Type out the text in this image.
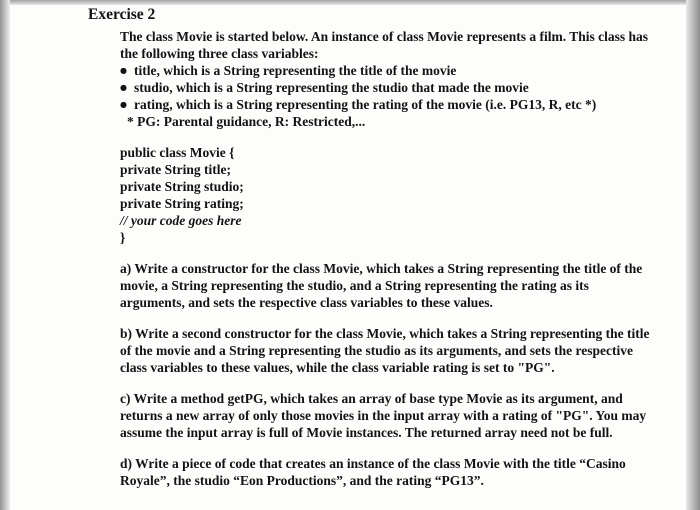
Exercise 2

The class Movie is started below. An instance of class Movie represents a film. This class has the following three class variables:

● title, which is a String representing the title of the movie
● studio, which is a String representing the studio that made the movie
● rating, which is a String representing the rating of the movie (i.e. PG13, R, etc *)

* PG: Parental guidance, R: Restricted,...

public class Movie {
private String title;
private String studio;
private String rating;
// your code goes here
}

a) Write a constructor for the class Movie, which takes a String representing the title of the movie, a String representing the studio, and a String representing the rating as its arguments, and sets the respective class variables to these values.

b) Write a second constructor for the class Movie, which takes a String representing the title of the movie and a String representing the studio as its arguments, and sets the respective class variables to these values, while the class variable rating is set to "PG".

c) Write a method getPG, which takes an array of base type Movie as its argument, and returns a new array of only those movies in the input array with a rating of "PG". You may assume the input array is full of Movie instances. The returned array need not be full.

d) Write a piece of code that creates an instance of the class Movie with the title “Casino Royale”, the studio “Eon Productions”, and the rating “PG13”.
